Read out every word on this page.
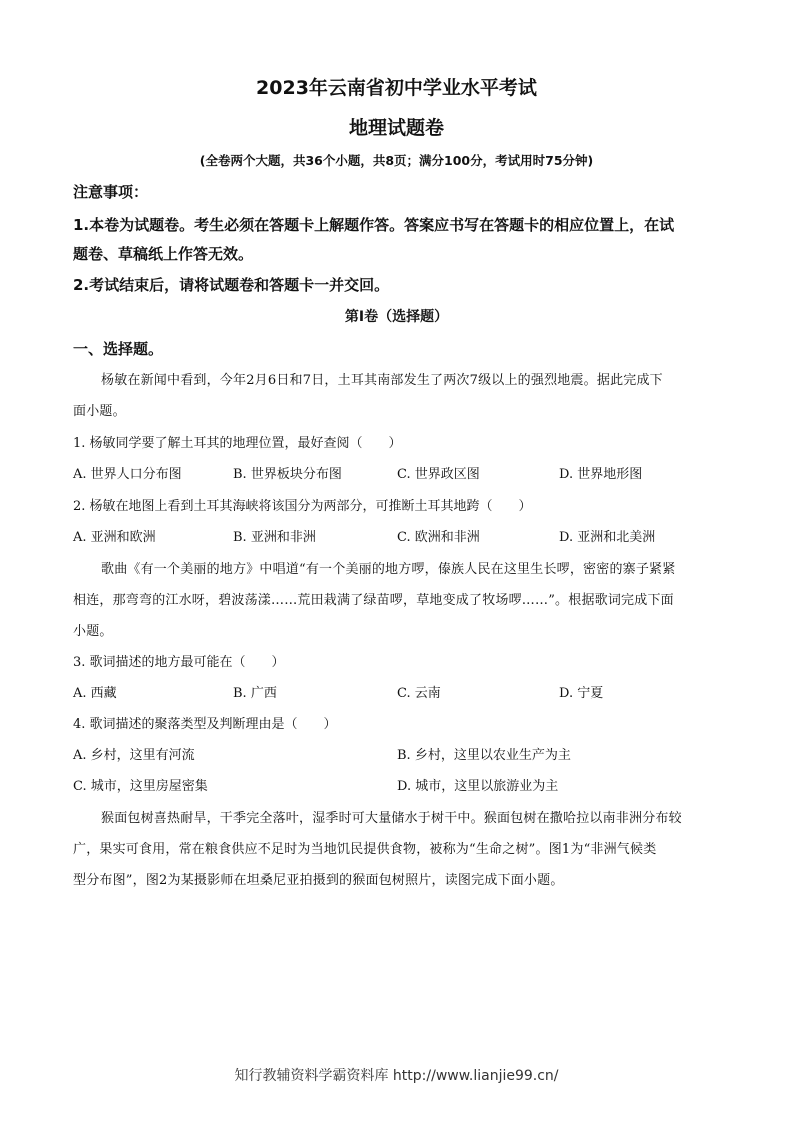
2023年云南省初中学业水平考试
地理试题卷
(全卷两个大题，共36个小题，共8页；满分100分，考试用时75分钟)
注意事项：
1.本卷为试题卷。考生必须在答题卡上解题作答。答案应书写在答题卡的相应位置上，在试
题卷、草稿纸上作答无效。
2.考试结束后，请将试题卷和答题卡一并交回。
第Ⅰ卷（选择题）
一、选择题。
杨敏在新闻中看到，今年2月6日和7日，土耳其南部发生了两次7级以上的强烈地震。据此完成下
面小题。
1. 杨敏同学要了解土耳其的地理位置，最好查阅（　　）
A. 世界人口分布图	B. 世界板块分布图	C. 世界政区图	D. 世界地形图
2. 杨敏在地图上看到土耳其海峡将该国分为两部分，可推断土耳其地跨（　　）
A. 亚洲和欧洲	B. 亚洲和非洲	C. 欧洲和非洲	D. 亚洲和北美洲
歌曲《有一个美丽的地方》中唱道“有一个美丽的地方啰，傣族人民在这里生长啰，密密的寨子紧紧
相连，那弯弯的江水呀，碧波荡漾……荒田栽满了绿苗啰，草地变成了牧场啰……”。根据歌词完成下面
小题。
3. 歌词描述的地方最可能在（　　）
A. 西藏	B. 广西	C. 云南	D. 宁夏
4. 歌词描述的聚落类型及判断理由是（　　）
A. 乡村，这里有河流	B. 乡村，这里以农业生产为主
C. 城市，这里房屋密集	D. 城市，这里以旅游业为主
猴面包树喜热耐旱，干季完全落叶，湿季时可大量储水于树干中。猴面包树在撒哈拉以南非洲分布较
广，果实可食用，常在粮食供应不足时为当地饥民提供食物，被称为“生命之树”。图1为“非洲气候类
型分布图”，图2为某摄影师在坦桑尼亚拍摄到的猴面包树照片，读图完成下面小题。
知行教辅资料学霸资料库 http://www.lianjie99.cn/
